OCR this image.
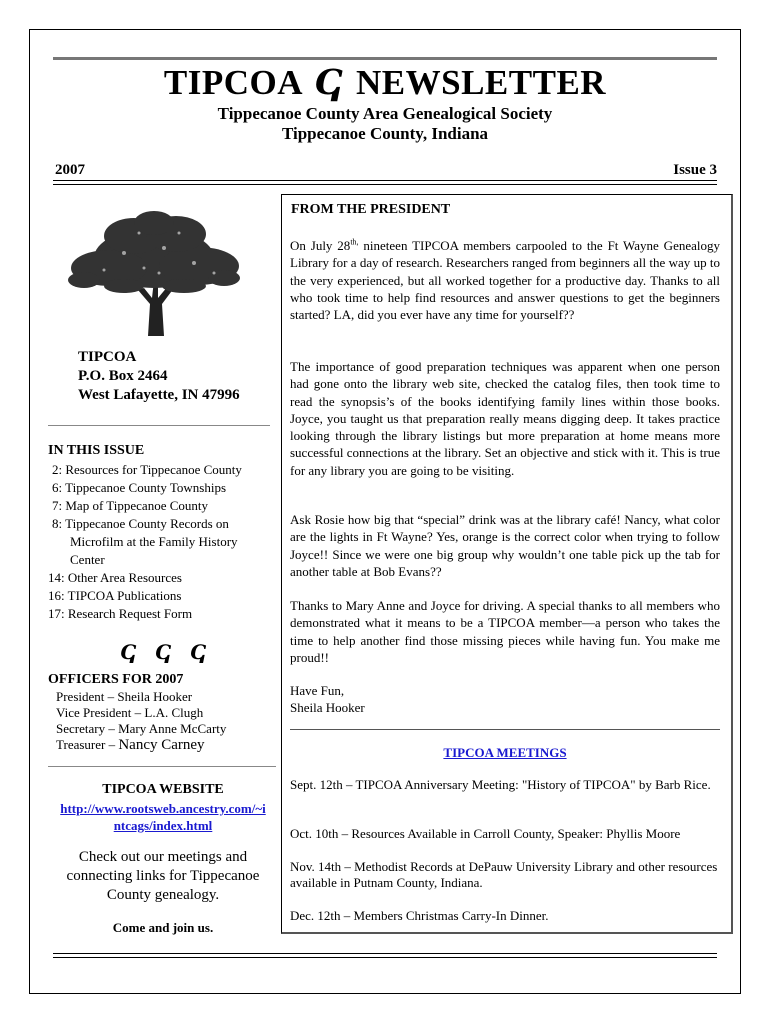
TIPCOA ↅ NEWSLETTER
Tippecanoe County Area Genealogical Society
Tippecanoe County, Indiana
2007	Issue 3
TIPCOA
P.O. Box 2464
West Lafayette, IN 47996
IN THIS ISSUE
2: Resources for Tippecanoe County
6: Tippecanoe County Townships
7: Map of Tippecanoe County
8: Tippecanoe County Records on
Microfilm at the Family History
Center
14: Other Area Resources
16: TIPCOA Publications
17: Research Request Form
ↅ ↅ ↅ
OFFICERS FOR 2007
President – Sheila Hooker
Vice President – L.A. Clugh
Secretary – Mary Anne McCarty
Treasurer – Nancy Carney
TIPCOA WEBSITE
http://www.rootsweb.ancestry.com/~i
ntcags/index.html
Check out our meetings and connecting links for Tippecanoe County genealogy.
Come and join us.
FROM THE PRESIDENT
On July $28^{th,}$ nineteen TIPCOA members carpooled to the Ft Wayne Genealogy Library for a day of research. Researchers ranged from beginners all the way up to the very experienced, but all worked together for a productive day. Thanks to all who took time to help find resources and answer questions to get the beginners started? LA, did you ever have any time for yourself??
The importance of good preparation techniques was apparent when one person had gone onto the library web site, checked the catalog files, then took time to read the synopsis’s of the books identifying family lines within those books. Joyce, you taught us that preparation really means digging deep. It takes practice looking through the library listings but more preparation at home means more successful connections at the library. Set an objective and stick with it. This is true for any library you are going to be visiting.
Ask Rosie how big that “special” drink was at the library café! Nancy, what color are the lights in Ft Wayne? Yes, orange is the correct color when trying to follow Joyce!! Since we were one big group why wouldn’t one table pick up the tab for another table at Bob Evans??
Thanks to Mary Anne and Joyce for driving. A special thanks to all members who demonstrated what it means to be a TIPCOA member—a person who takes the time to help another find those missing pieces while having fun. You make me proud!!
Have Fun,
Sheila Hooker
TIPCOA MEETINGS
Sept. 12th – TIPCOA Anniversary Meeting: "History of TIPCOA" by Barb Rice.
Oct. 10th – Resources Available in Carroll County, Speaker: Phyllis Moore
Nov. 14th – Methodist Records at DePauw University Library and other resources available in Putnam County, Indiana.
Dec. 12th – Members Christmas Carry-In Dinner.
